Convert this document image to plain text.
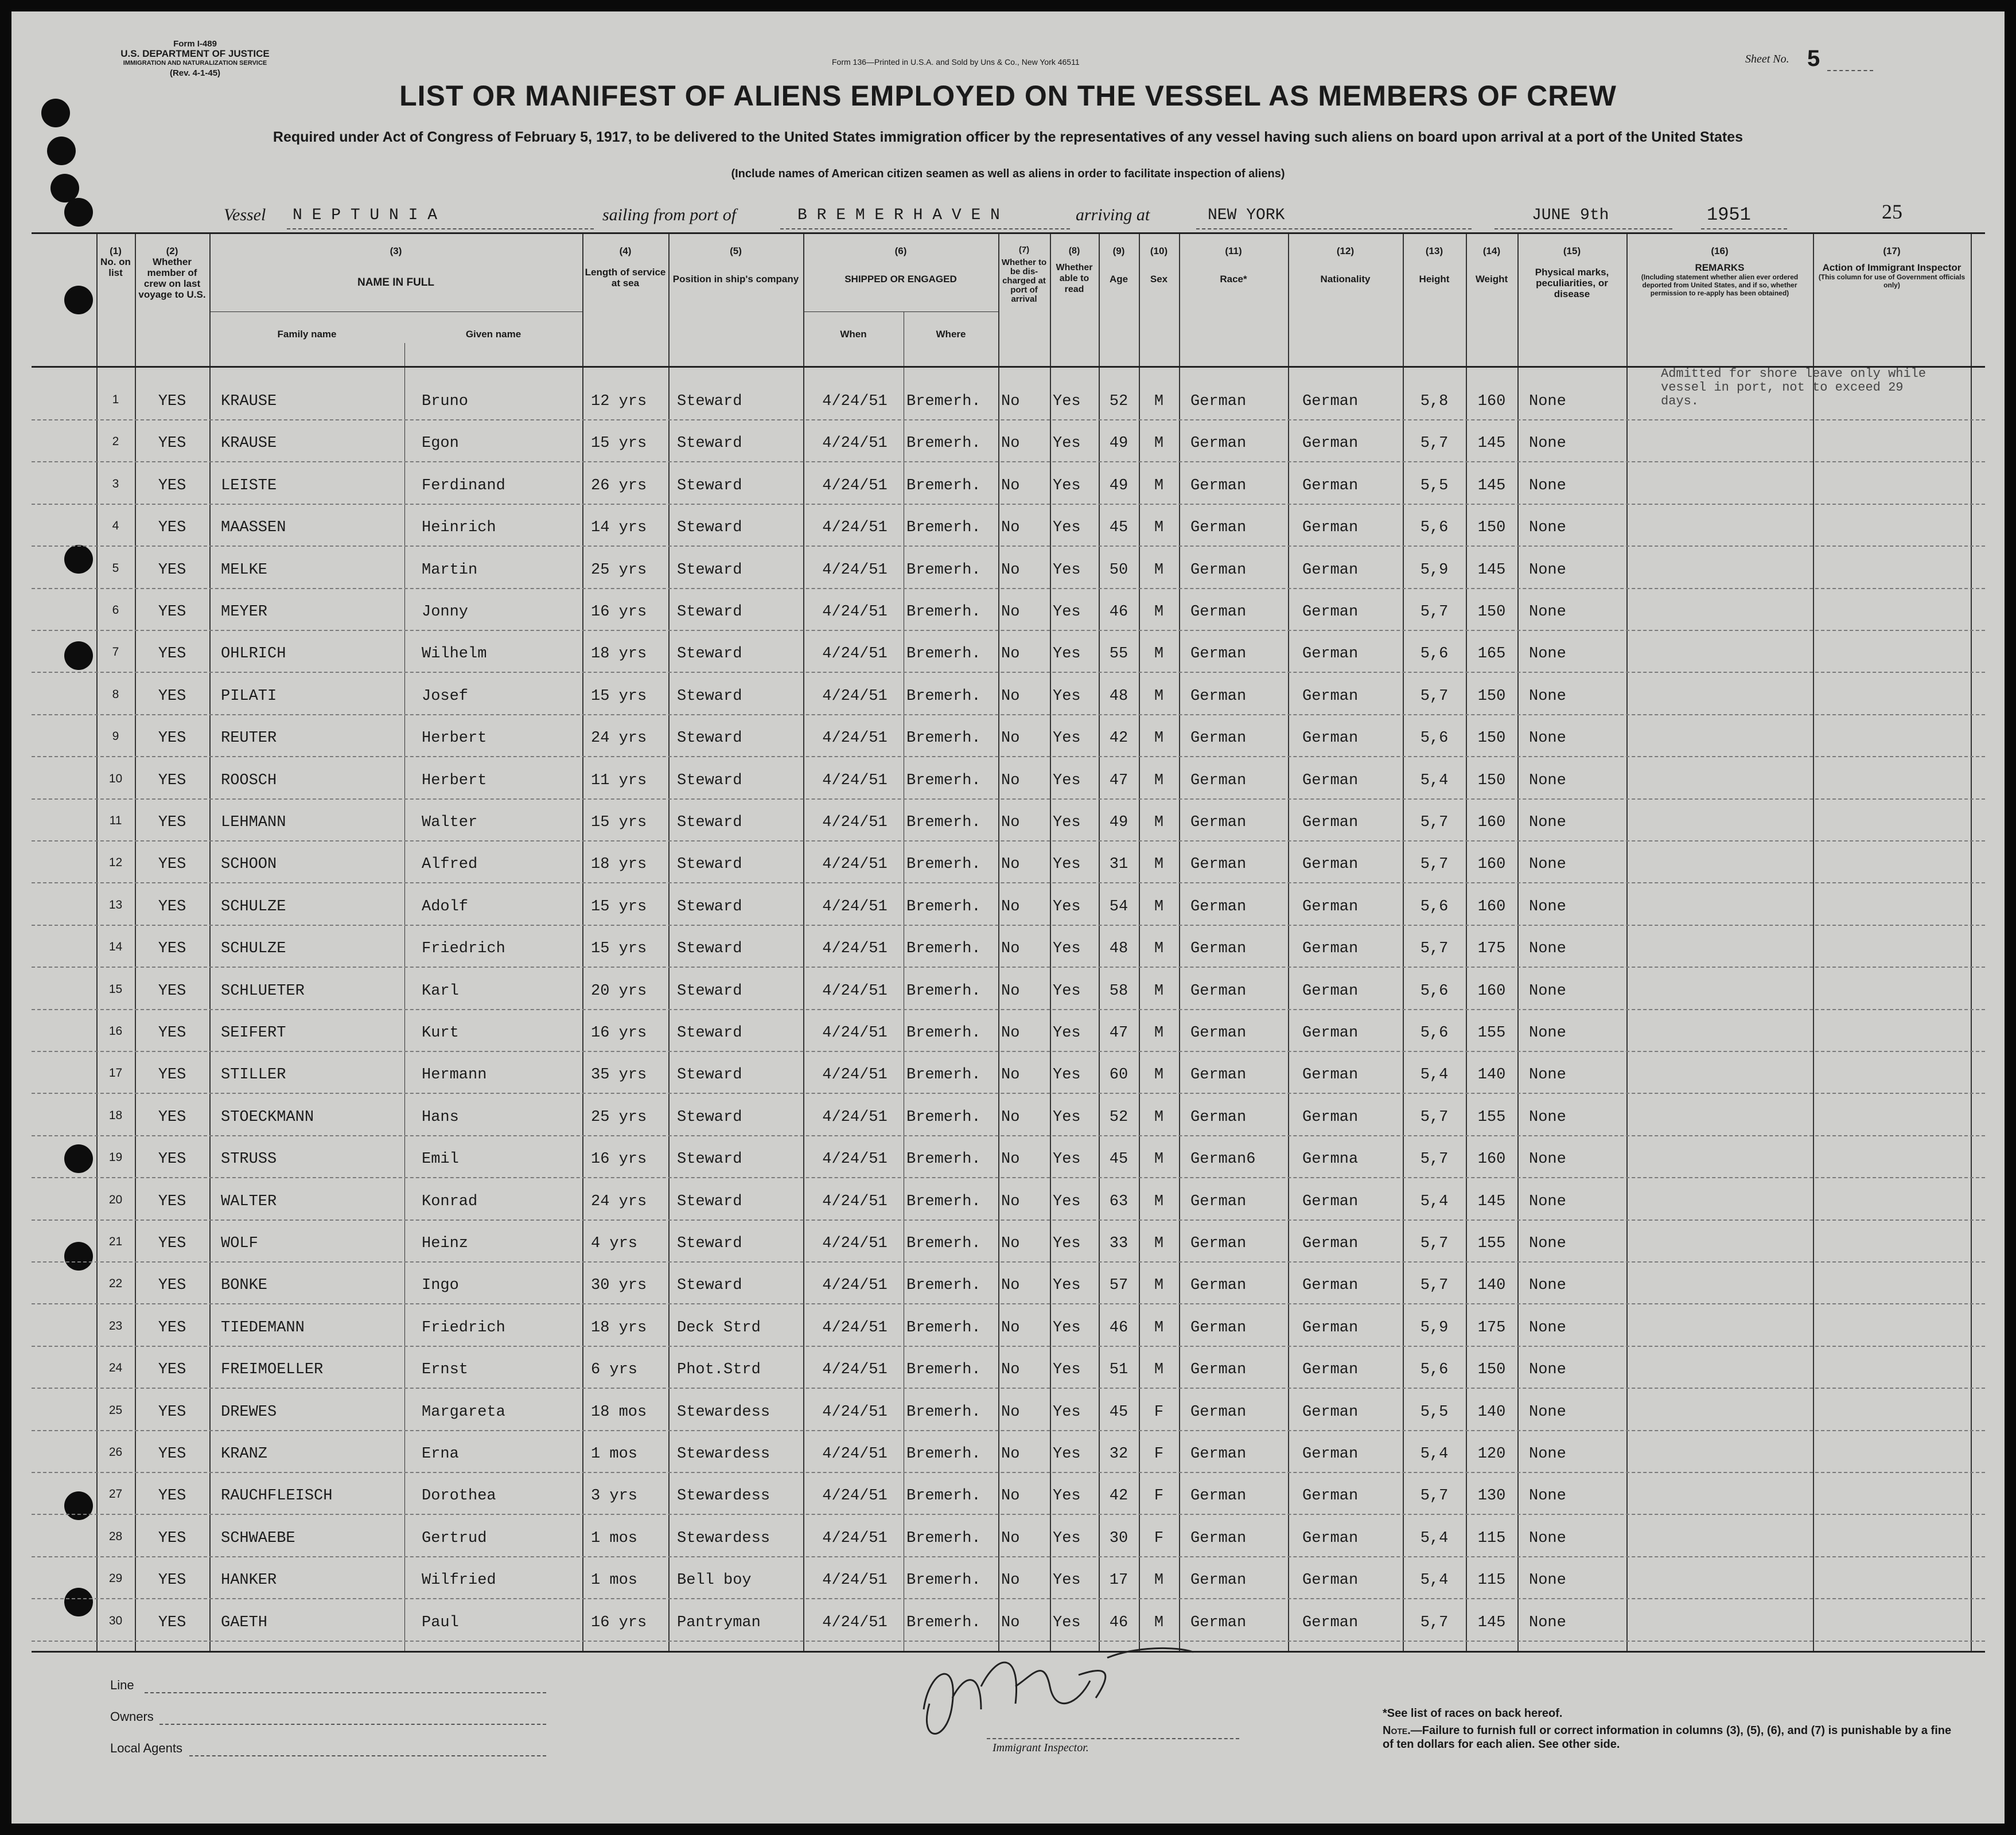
Form I-489
U.S. DEPARTMENT OF JUSTICE
IMMIGRATION AND NATURALIZATION SERVICE
(Rev. 4-1-45)
Form 136—Printed in U.S.A. and Sold by Uns & Co., New York 46511	Sheet No. 5
LIST OR MANIFEST OF ALIENS EMPLOYED ON THE VESSEL AS MEMBERS OF CREW
Required under Act of Congress of February 5, 1917, to be delivered to the United States immigration officer by the representatives of any vessel having such aliens on board upon arrival at a port of the United States
(Include names of American citizen seamen as well as aliens in order to facilitate inspection of aliens)
Vessel N E P T U N I A	sailing from port of	B R E M E R H A V E N	arriving at	NEW YORK	JUNE 9th	1951	25
(1)
No. on list
(2)
Whether member of crew on last voyage to U.S.
(3)
NAME IN FULL
Family name	Given name
(4)
Length of service at sea
(5)
Position in ship's company
(6)
SHIPPED OR ENGAGED
When	Where
(7)
Whether to be dis-charged at port of arrival
(8)
Whether able to read
(9)
Age
(10)
Sex
(11)
Race*
(12)
Nationality
(13)
Height
(14)
Weight
(15)
Physical marks, peculiarities, or disease
(16)
REMARKS
(Including statement whether alien ever ordered deported from United States, and if so, whether permission to re-apply has been obtained)
(17)
Action of Immigrant Inspector
(This column for use of Government officials only)
Admitted for shore leave only while vessel in port, not to exceed 29 days.
1	YES	KRAUSE	Bruno	12 yrs	Steward	4/24/51	Bremerh.	No	Yes	52	M	German	German	5,8	160	None
2	YES	KRAUSE	Egon	15 yrs	Steward	4/24/51	Bremerh.	No	Yes	49	M	German	German	5,7	145	None
3	YES	LEISTE	Ferdinand	26 yrs	Steward	4/24/51	Bremerh.	No	Yes	49	M	German	German	5,5	145	None
4	YES	MAASSEN	Heinrich	14 yrs	Steward	4/24/51	Bremerh.	No	Yes	45	M	German	German	5,6	150	None
5	YES	MELKE	Martin	25 yrs	Steward	4/24/51	Bremerh.	No	Yes	50	M	German	German	5,9	145	None
6	YES	MEYER	Jonny	16 yrs	Steward	4/24/51	Bremerh.	No	Yes	46	M	German	German	5,7	150	None
7	YES	OHLRICH	Wilhelm	18 yrs	Steward	4/24/51	Bremerh.	No	Yes	55	M	German	German	5,6	165	None
8	YES	PILATI	Josef	15 yrs	Steward	4/24/51	Bremerh.	No	Yes	48	M	German	German	5,7	150	None
9	YES	REUTER	Herbert	24 yrs	Steward	4/24/51	Bremerh.	No	Yes	42	M	German	German	5,6	150	None
10	YES	ROOSCH	Herbert	11 yrs	Steward	4/24/51	Bremerh.	No	Yes	47	M	German	German	5,4	150	None
11	YES	LEHMANN	Walter	15 yrs	Steward	4/24/51	Bremerh.	No	Yes	49	M	German	German	5,7	160	None
12	YES	SCHOON	Alfred	18 yrs	Steward	4/24/51	Bremerh.	No	Yes	31	M	German	German	5,7	160	None
13	YES	SCHULZE	Adolf	15 yrs	Steward	4/24/51	Bremerh.	No	Yes	54	M	German	German	5,6	160	None
14	YES	SCHULZE	Friedrich	15 yrs	Steward	4/24/51	Bremerh.	No	Yes	48	M	German	German	5,7	175	None
15	YES	SCHLUETER	Karl	20 yrs	Steward	4/24/51	Bremerh.	No	Yes	58	M	German	German	5,6	160	None
16	YES	SEIFERT	Kurt	16 yrs	Steward	4/24/51	Bremerh.	No	Yes	47	M	German	German	5,6	155	None
17	YES	STILLER	Hermann	35 yrs	Steward	4/24/51	Bremerh.	No	Yes	60	M	German	German	5,4	140	None
18	YES	STOECKMANN	Hans	25 yrs	Steward	4/24/51	Bremerh.	No	Yes	52	M	German	German	5,7	155	None
19	YES	STRUSS	Emil	16 yrs	Steward	4/24/51	Bremerh.	No	Yes	45	M	German6	Germna	5,7	160	None
20	YES	WALTER	Konrad	24 yrs	Steward	4/24/51	Bremerh.	No	Yes	63	M	German	German	5,4	145	None
21	YES	WOLF	Heinz	4 yrs	Steward	4/24/51	Bremerh.	No	Yes	33	M	German	German	5,7	155	None
22	YES	BONKE	Ingo	30 yrs	Steward	4/24/51	Bremerh.	No	Yes	57	M	German	German	5,7	140	None
23	YES	TIEDEMANN	Friedrich	18 yrs	Deck Strd	4/24/51	Bremerh.	No	Yes	46	M	German	German	5,9	175	None
24	YES	FREIMOELLER	Ernst	6 yrs	Phot.Strd	4/24/51	Bremerh.	No	Yes	51	M	German	German	5,6	150	None
25	YES	DREWES	Margareta	18 mos	Stewardess	4/24/51	Bremerh.	No	Yes	45	F	German	German	5,5	140	None
26	YES	KRANZ	Erna	1 mos	Stewardess	4/24/51	Bremerh.	No	Yes	32	F	German	German	5,4	120	None
27	YES	RAUCHFLEISCH	Dorothea	3 yrs	Stewardess	4/24/51	Bremerh.	No	Yes	42	F	German	German	5,7	130	None
28	YES	SCHWAEBE	Gertrud	1 mos	Stewardess	4/24/51	Bremerh.	No	Yes	30	F	German	German	5,4	115	None
29	YES	HANKER	Wilfried	1 mos	Bell boy	4/24/51	Bremerh.	No	Yes	17	M	German	German	5,4	115	None
30	YES	GAETH	Paul	16 yrs	Pantryman	4/24/51	Bremerh.	No	Yes	46	M	German	German	5,7	145	None
Line
Owners
Local Agents	Immigrant Inspector.
*See list of races on back hereof.
Note.—Failure to furnish full or correct information in columns (3), (5), (6), and (7) is punishable by a fine of ten dollars for each alien. See other side.
